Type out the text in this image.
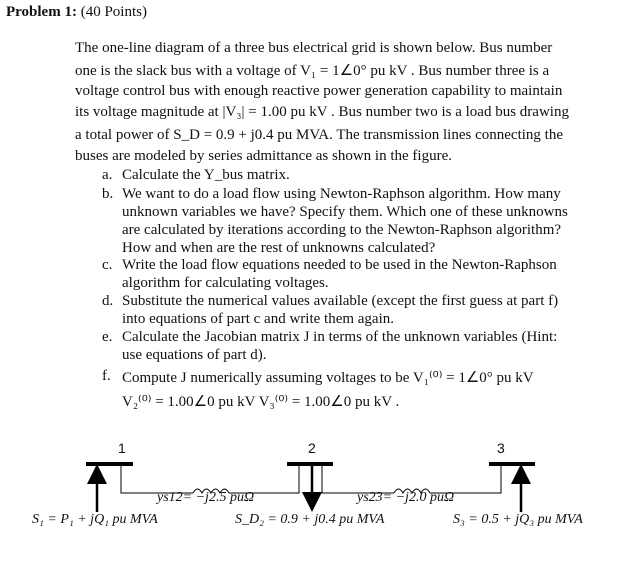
Problem 1: (40 Points)
The one-line diagram of a three bus electrical grid is shown below. Bus number
one is the slack bus with a voltage of V₁ = 1∠0° pu kV . Bus number three is a
voltage control bus with enough reactive power generation capability to maintain
its voltage magnitude at |V₃| = 1.00 pu kV . Bus number two is a load bus drawing
a total power of S_D = 0.9 + j0.4 pu MVA. The transmission lines connecting the
buses are modeled by series admittance as shown in the figure.
a. Calculate the Y_bus matrix.
b. We want to do a load flow using Newton-Raphson algorithm. How many
unknown variables we have? Specify them. Which one of these unknowns
are calculated by iterations according to the Newton-Raphson algorithm?
How and when are the rest of unknowns calculated?
c. Write the load flow equations needed to be used in the Newton-Raphson
algorithm for calculating voltages.
d. Substitute the numerical values available (except the first guess at part f)
into equations of part c and write them again.
e. Calculate the Jacobian matrix J in terms of the unknown variables (Hint:
use equations of part d).
f. Compute J numerically assuming voltages to be V₁⁽⁰⁾ = 1∠0° pu kV
V₂⁽⁰⁾ = 1.00∠0 pu kV V₃⁽⁰⁾ = 1.00∠0 pu kV .
1	2	3
ys12= −j2.5 puΩ	ys23= −j2.0 puΩ
S₁ = P₁ + jQ₁ pu MVA	S_D₂ = 0.9 + j0.4 pu MVA	S₃ = 0.5 + jQ₃ pu MVA
